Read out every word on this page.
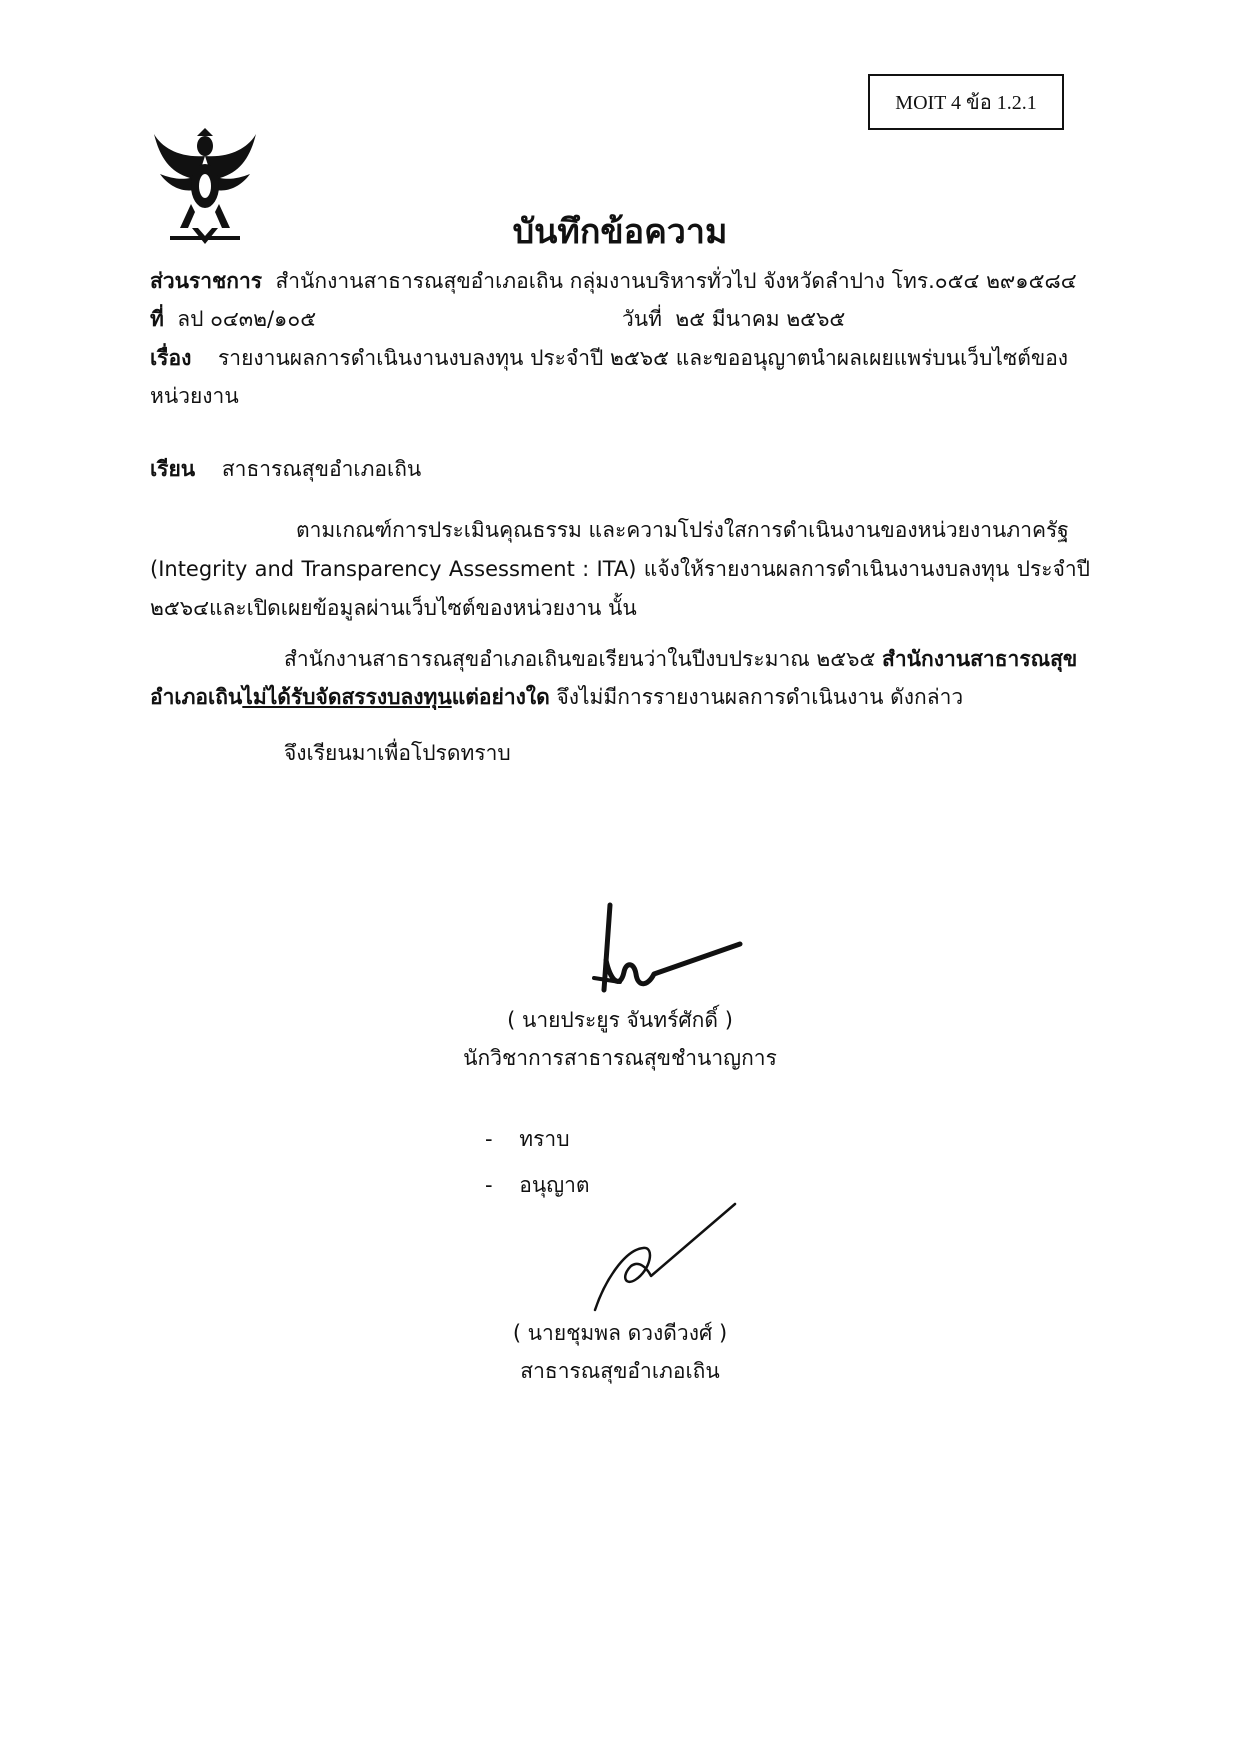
MOIT 4 ข้อ 1.2.1
บันทึกข้อความ
ส่วนราชการ สำนักงานสาธารณสุขอำเภอเถิน กลุ่มงานบริหารทั่วไป จังหวัดลำปาง โทร.๐๕๔ ๒๙๑๕๘๔
ที่ ลป ๐๔๓๒/๑๐๕	วันที่ ๒๕ มีนาคม ๒๕๖๕
เรื่อง รายงานผลการดำเนินงานงบลงทุน ประจำปี ๒๕๖๕ และขออนุญาตนำผลเผยแพร่บนเว็บไซต์ของ
หน่วยงาน
เรียน สาธารณสุขอำเภอเถิน
ตามเกณฑ์การประเมินคุณธรรม และความโปร่งใสการดำเนินงานของหน่วยงานภาครัฐ
(Integrity and Transparency Assessment : ITA) แจ้งให้รายงานผลการดำเนินงานงบลงทุน ประจำปี
๒๕๖๔และเปิดเผยข้อมูลผ่านเว็บไซต์ของหน่วยงาน นั้น
สำนักงานสาธารณสุขอำเภอเถินขอเรียนว่าในปีงบประมาณ ๒๕๖๕ สำนักงานสาธารณสุข
อำเภอเถินไม่ได้รับจัดสรรงบลงทุนแต่อย่างใด จึงไม่มีการรายงานผลการดำเนินงาน ดังกล่าว
จึงเรียนมาเพื่อโปรดทราบ
( นายประยูร จันทร์ศักดิ์ )
นักวิชาการสาธารณสุขชำนาญการ
- ทราบ
- อนุญาต
( นายชุมพล ดวงดีวงศ์ )
สาธารณสุขอำเภอเถิน
